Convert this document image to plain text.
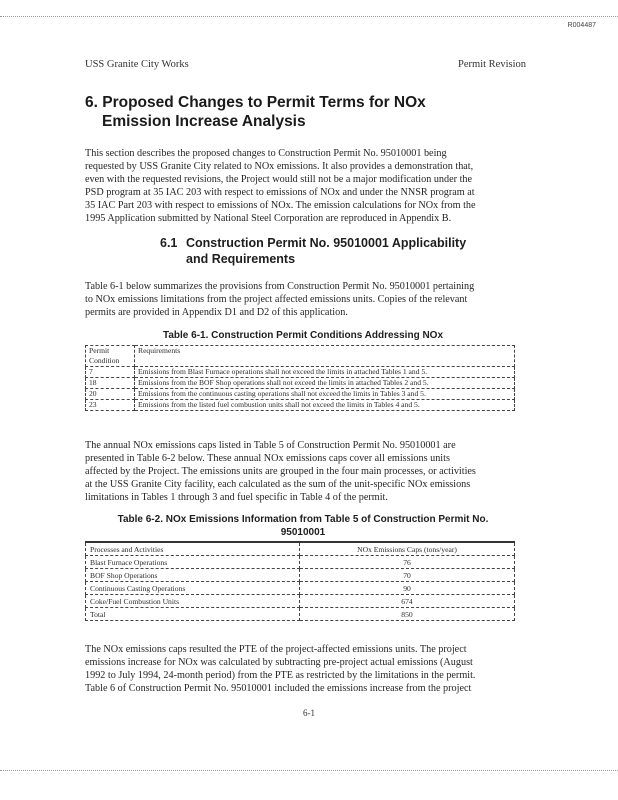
R004487
USS Granite City Works	Permit Revision
6. Proposed Changes to Permit Terms for NOx
Emission Increase Analysis
This section describes the proposed changes to Construction Permit No. 95010001 being
requested by USS Granite City related to NOx emissions. It also provides a demonstration that,
even with the requested revisions, the Project would still not be a major modification under the
PSD program at 35 IAC 203 with respect to emissions of NOx and under the NNSR program at
35 IAC Part 203 with respect to emissions of NOx. The emission calculations for NOx from the
1995 Application submitted by National Steel Corporation are reproduced in Appendix B.
6.1 Construction Permit No. 95010001 Applicability
and Requirements
Table 6-1 below summarizes the provisions from Construction Permit No. 95010001 pertaining
to NOx emissions limitations from the project affected emissions units. Copies of the relevant
permits are provided in Appendix D1 and D2 of this application.
Table 6-1. Construction Permit Conditions Addressing NOx
Permit Condition	Requirements
7	Emissions from Blast Furnace operations shall not exceed the limits in attached Tables 1 and 5.
18	Emissions from the BOF Shop operations shall not exceed the limits in attached Tables 2 and 5.
20	Emissions from the continuous casting operations shall not exceed the limits in Tables 3 and 5.
23	Emissions from the listed fuel combustion units shall not exceed the limits in Tables 4 and 5.
The annual NOx emissions caps listed in Table 5 of Construction Permit No. 95010001 are
presented in Table 6-2 below. These annual NOx emissions caps cover all emissions units
affected by the Project. The emissions units are grouped in the four main processes, or activities
at the USS Granite City facility, each calculated as the sum of the unit-specific NOx emissions
limitations in Tables 1 through 3 and fuel specific in Table 4 of the permit.
Table 6-2. NOx Emissions Information from Table 5 of Construction Permit No.
95010001
Processes and Activities	NOx Emissions Caps (tons/year)
Blast Furnace Operations	76
BOF Shop Operations	70
Continuous Casting Operations	90
Coke/Fuel Combustion Units	674
Total	850
The NOx emissions caps resulted the PTE of the project-affected emissions units. The project
emissions increase for NOx was calculated by subtracting pre-project actual emissions (August
1992 to July 1994, 24-month period) from the PTE as restricted by the limitations in the permit.
Table 6 of Construction Permit No. 95010001 included the emissions increase from the project
6-1
